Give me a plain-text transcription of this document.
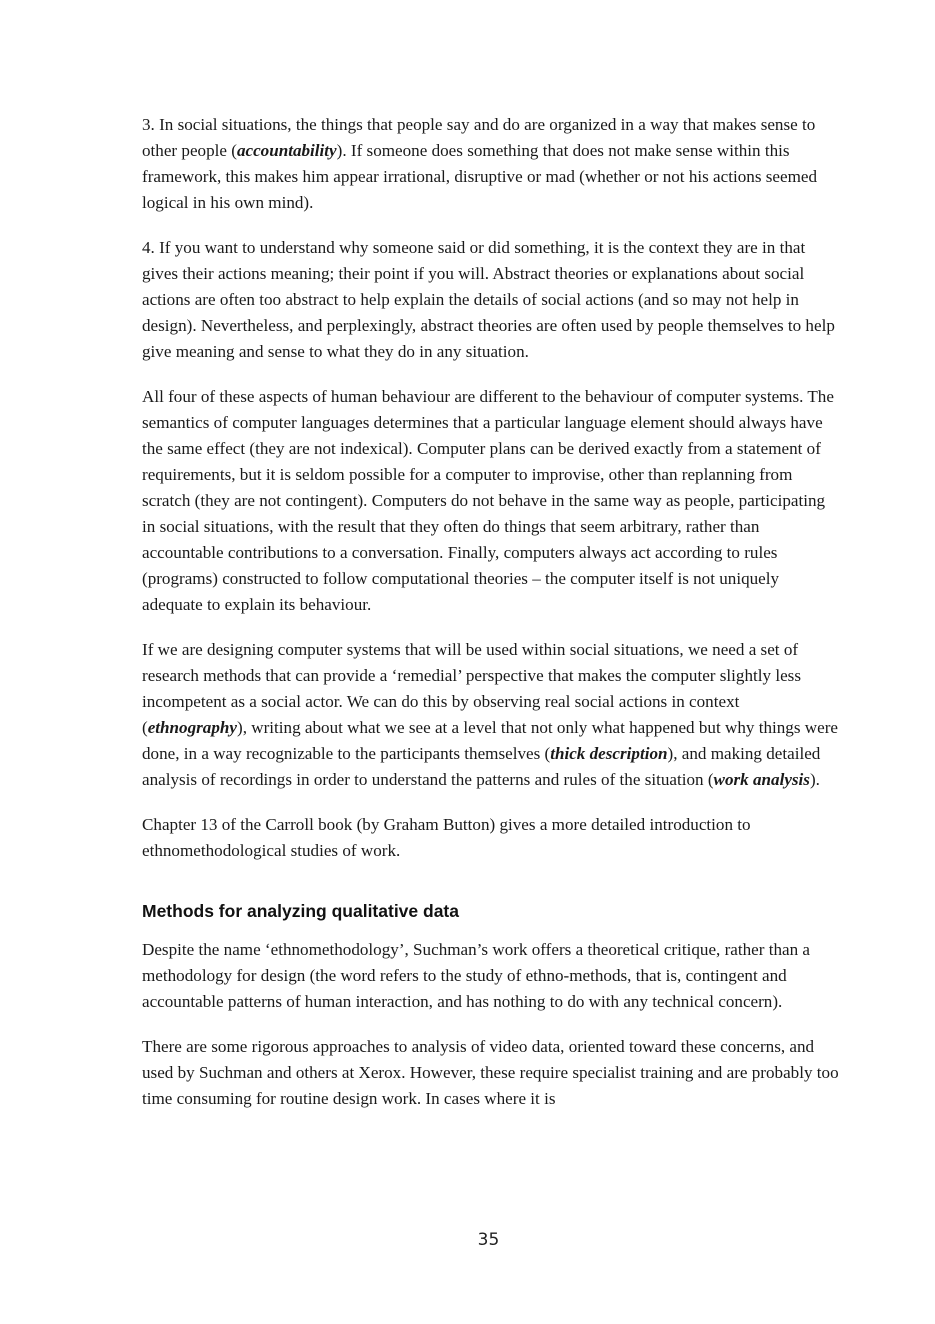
3. In social situations, the things that people say and do are organized in a way that makes sense to other people (accountability). If someone does something that does not make sense within this framework, this makes him appear irrational, disruptive or mad (whether or not his actions seemed logical in his own mind).

4. If you want to understand why someone said or did something, it is the context they are in that gives their actions meaning; their point if you will. Abstract theories or explanations about social actions are often too abstract to help explain the details of social actions (and so may not help in design). Nevertheless, and perplexingly, abstract theories are often used by people themselves to help give meaning and sense to what they do in any situation.

All four of these aspects of human behaviour are different to the behaviour of computer systems. The semantics of computer languages determines that a particular language element should always have the same effect (they are not indexical). Computer plans can be derived exactly from a statement of requirements, but it is seldom possible for a computer to improvise, other than replanning from scratch (they are not contingent). Computers do not behave in the same way as people, participating in social situations, with the result that they often do things that seem arbitrary, rather than accountable contributions to a conversation. Finally, computers always act according to rules (programs) constructed to follow computational theories – the computer itself is not uniquely adequate to explain its behaviour.

If we are designing computer systems that will be used within social situations, we need a set of research methods that can provide a ‘remedial’ perspective that makes the computer slightly less incompetent as a social actor. We can do this by observing real social actions in context (ethnography), writing about what we see at a level that not only what happened but why things were done, in a way recognizable to the participants themselves (thick description), and making detailed analysis of recordings in order to understand the patterns and rules of the situation (work analysis).

Chapter 13 of the Carroll book (by Graham Button) gives a more detailed introduction to ethnomethodological studies of work.

Methods for analyzing qualitative data

Despite the name ‘ethnomethodology’, Suchman’s work offers a theoretical critique, rather than a methodology for design (the word refers to the study of ethno-methods, that is, contingent and accountable patterns of human interaction, and has nothing to do with any technical concern).

There are some rigorous approaches to analysis of video data, oriented toward these concerns, and used by Suchman and others at Xerox. However, these require specialist training and are probably too time consuming for routine design work. In cases where it is

35
